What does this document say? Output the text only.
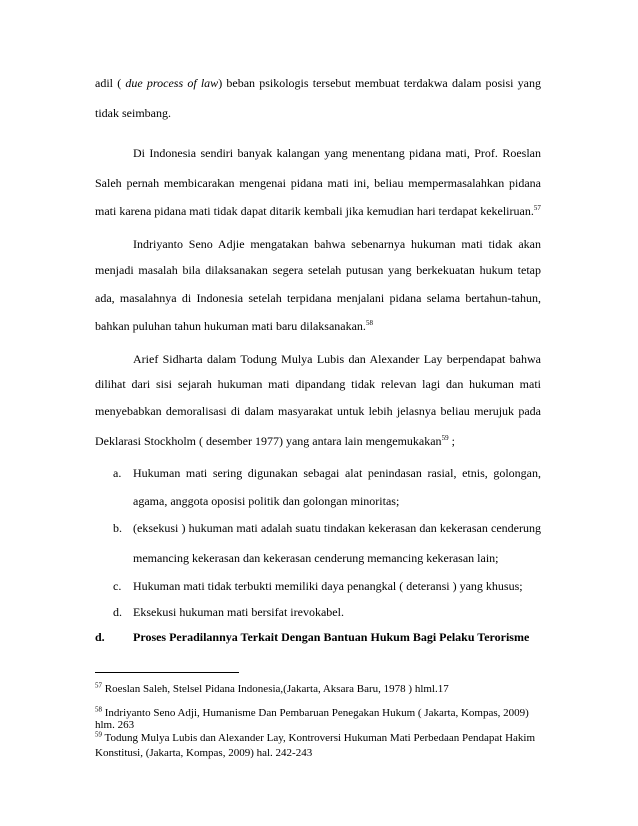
adil ( due process of law) beban psikologis tersebut membuat terdakwa dalam posisi yang
tidak seimbang.
Di Indonesia sendiri banyak kalangan yang menentang pidana mati, Prof. Roeslan
Saleh pernah membicarakan mengenai pidana mati ini, beliau mempermasalahkan pidana
mati karena pidana mati tidak dapat ditarik kembali jika kemudian hari terdapat kekeliruan.$^{57}$
Indriyanto Seno Adjie mengatakan bahwa sebenarnya hukuman mati tidak akan
menjadi masalah bila dilaksanakan segera setelah putusan yang berkekuatan hukum tetap
ada, masalahnya di Indonesia setelah terpidana menjalani pidana selama bertahun-tahun,
bahkan puluhan tahun hukuman mati baru dilaksanakan.$^{58}$
Arief Sidharta dalam Todung Mulya Lubis dan Alexander Lay berpendapat bahwa
dilihat dari sisi sejarah hukuman mati dipandang tidak relevan lagi dan hukuman mati
menyebabkan demoralisasi di dalam masyarakat untuk lebih jelasnya beliau merujuk pada
Deklarasi Stockholm ( desember 1977) yang antara lain mengemukakan$^{59}$ ;
a. Hukuman mati sering digunakan sebagai alat penindasan rasial, etnis, golongan,
agama, anggota oposisi politik dan golongan minoritas;
b. (eksekusi ) hukuman mati adalah suatu tindakan kekerasan dan kekerasan cenderung
memancing kekerasan dan kekerasan cenderung memancing kekerasan lain;
c. Hukuman mati tidak terbukti memiliki daya penangkal ( deteransi ) yang khusus;
d. Eksekusi hukuman mati bersifat irevokabel.
d. Proses Peradilannya Terkait Dengan Bantuan Hukum Bagi Pelaku Terorisme
$^{57}$ Roeslan Saleh, Stelsel Pidana Indonesia,(Jakarta, Aksara Baru, 1978 ) hlml.17
$^{58}$ Indriyanto Seno Adji, Humanisme Dan Pembaruan Penegakan Hukum ( Jakarta, Kompas, 2009)
hlm. 263
$^{59}$ Todung Mulya Lubis dan Alexander Lay, Kontroversi Hukuman Mati Perbedaan Pendapat Hakim
Konstitusi, (Jakarta, Kompas, 2009) hal. 242-243
